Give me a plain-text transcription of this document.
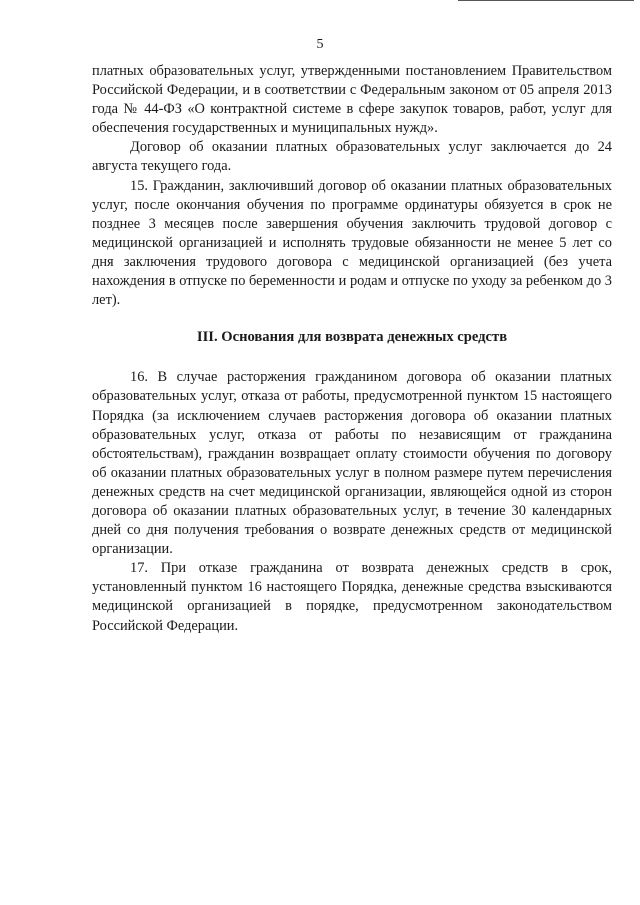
5

платных образовательных услуг, утвержденными постановлением Правительством Российской Федерации, и в соответствии с Федеральным законом от 05 апреля 2013 года № 44-ФЗ «О контрактной системе в сфере закупок товаров, работ, услуг для обеспечения государственных и муниципальных нужд».

Договор об оказании платных образовательных услуг заключается до 24 августа текущего года.

15. Гражданин, заключивший договор об оказании платных образовательных услуг, после окончания обучения по программе ординатуры обязуется в срок не позднее 3 месяцев после завершения обучения заключить трудовой договор с медицинской организацией и исполнять трудовые обязанности не менее 5 лет со дня заключения трудового договора с медицинской организацией (без учета нахождения в отпуске по беременности и родам и отпуске по уходу за ребенком до 3 лет).

III. Основания для возврата денежных средств

16. В случае расторжения гражданином договора об оказании платных образовательных услуг, отказа от работы, предусмотренной пунктом 15 настоящего Порядка (за исключением случаев расторжения договора об оказании платных образовательных услуг, отказа от работы по независящим от гражданина обстоятельствам), гражданин возвращает оплату стоимости обучения по договору об оказании платных образовательных услуг в полном размере путем перечисления денежных средств на счет медицинской организации, являющейся одной из сторон договора об оказании платных образовательных услуг, в течение 30 календарных дней со дня получения требования о возврате денежных средств от медицинской организации.

17. При отказе гражданина от возврата денежных средств в срок, установленный пунктом 16 настоящего Порядка, денежные средства взыскиваются медицинской организацией в порядке, предусмотренном законодательством Российской Федерации.
